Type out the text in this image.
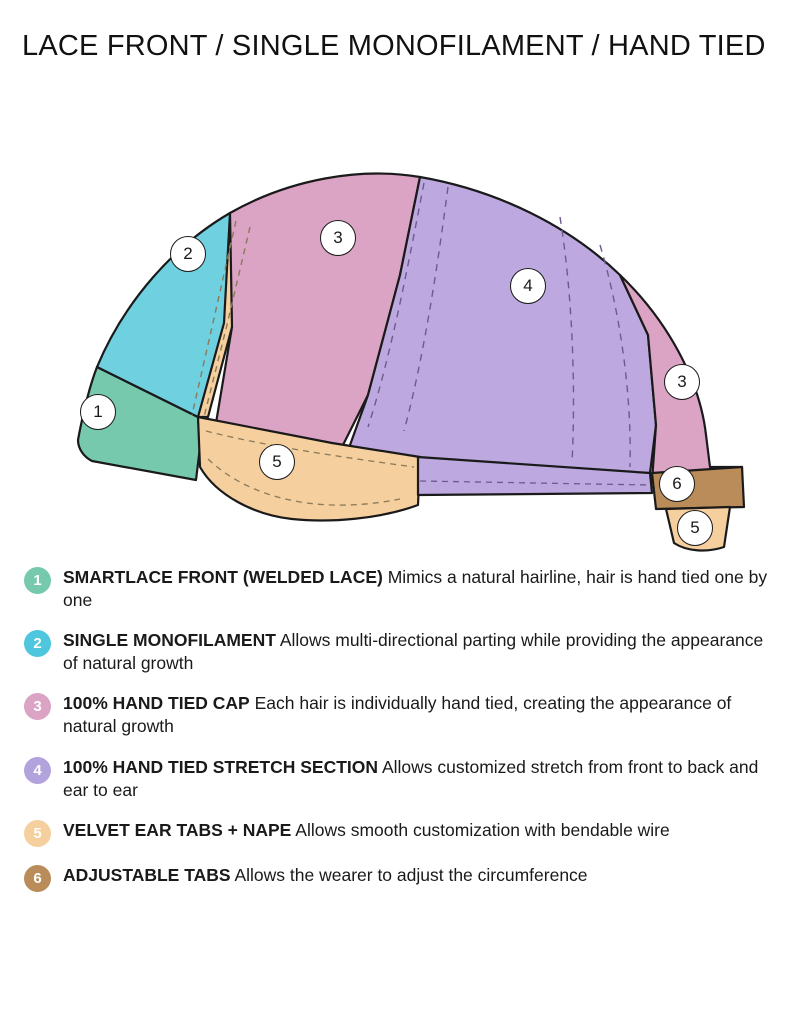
LACE FRONT / SINGLE MONOFILAMENT / HAND TIED
1
2
3
4
3
5
6
5
1	SMARTLACE FRONT (WELDED LACE) Mimics a natural hairline, hair is hand tied one by one
2	SINGLE MONOFILAMENT Allows multi-directional parting while providing the appearance of natural growth
3	100% HAND TIED CAP Each hair is individually hand tied, creating the appearance of natural growth
4	100% HAND TIED STRETCH SECTION Allows customized stretch from front to back and ear to ear
5	VELVET EAR TABS + NAPE Allows smooth customization with bendable wire
6	ADJUSTABLE TABS Allows the wearer to adjust the circumference
